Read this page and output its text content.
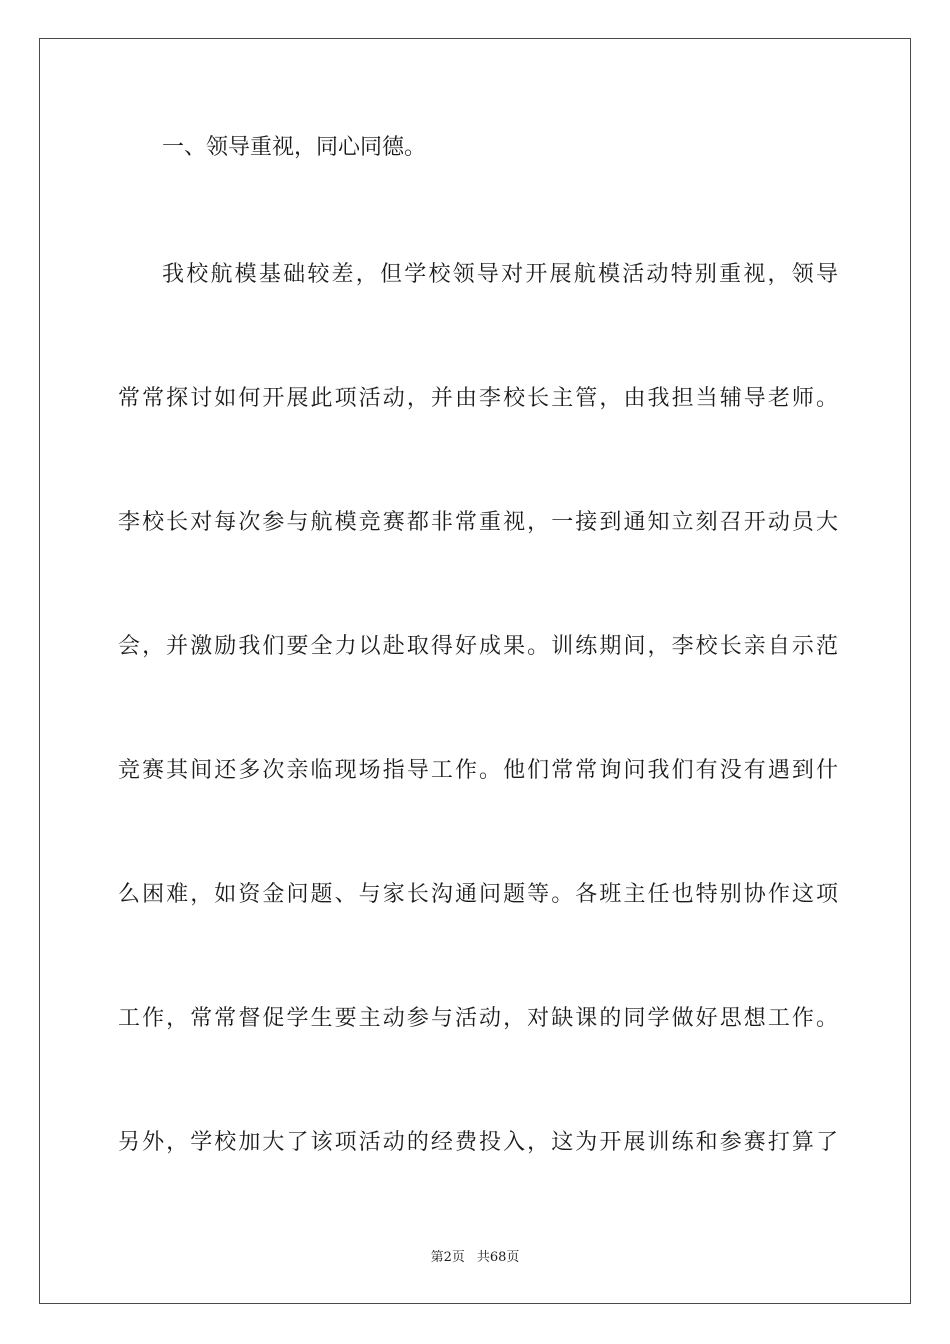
一、领导重视，同心同德。

我校航模基础较差，但学校领导对开展航模活动特别重视，领导

常常探讨如何开展此项活动，并由李校长主管，由我担当辅导老师。

李校长对每次参与航模竞赛都非常重视，一接到通知立刻召开动员大

会，并激励我们要全力以赴取得好成果。训练期间，李校长亲自示范

竞赛其间还多次亲临现场指导工作。他们常常询问我们有没有遇到什

么困难，如资金问题、与家长沟通问题等。各班主任也特别协作这项

工作，常常督促学生要主动参与活动，对缺课的同学做好思想工作。

另外，学校加大了该项活动的经费投入，这为开展训练和参赛打算了

第2页 共68页
